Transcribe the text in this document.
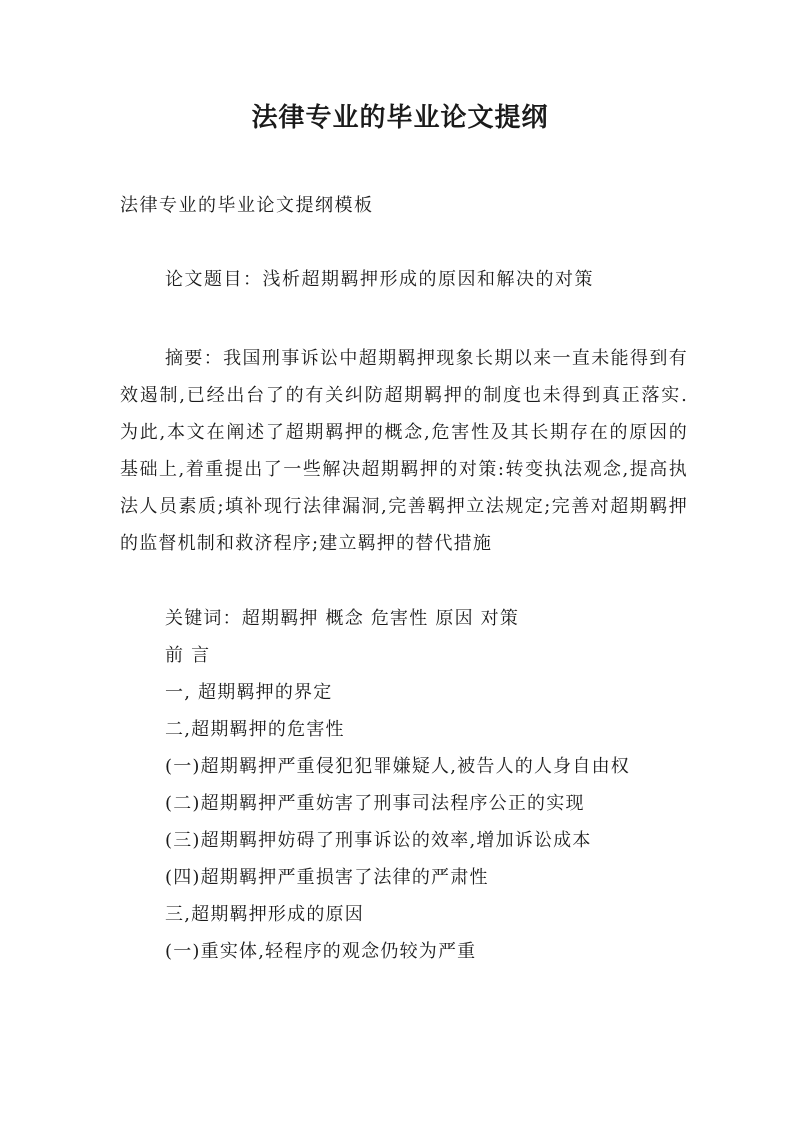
法律专业的毕业论文提纲
法律专业的毕业论文提纲模板
论文题目：浅析超期羁押形成的原因和解决的对策
摘要：我国刑事诉讼中超期羁押现象长期以来一直未能得到有效遏制,已经出台了的有关纠防超期羁押的制度也未得到真正落实.为此,本文在阐述了超期羁押的概念,危害性及其长期存在的原因的基础上,着重提出了一些解决超期羁押的对策:转变执法观念,提高执法人员素质;填补现行法律漏洞,完善羁押立法规定;完善对超期羁押的监督机制和救济程序;建立羁押的替代措施
关键词：超期羁押 概念 危害性 原因 对策
前 言
一, 超期羁押的界定
二,超期羁押的危害性
(一)超期羁押严重侵犯犯罪嫌疑人,被告人的人身自由权
(二)超期羁押严重妨害了刑事司法程序公正的实现
(三)超期羁押妨碍了刑事诉讼的效率,增加诉讼成本
(四)超期羁押严重损害了法律的严肃性
三,超期羁押形成的原因
(一)重实体,轻程序的观念仍较为严重
